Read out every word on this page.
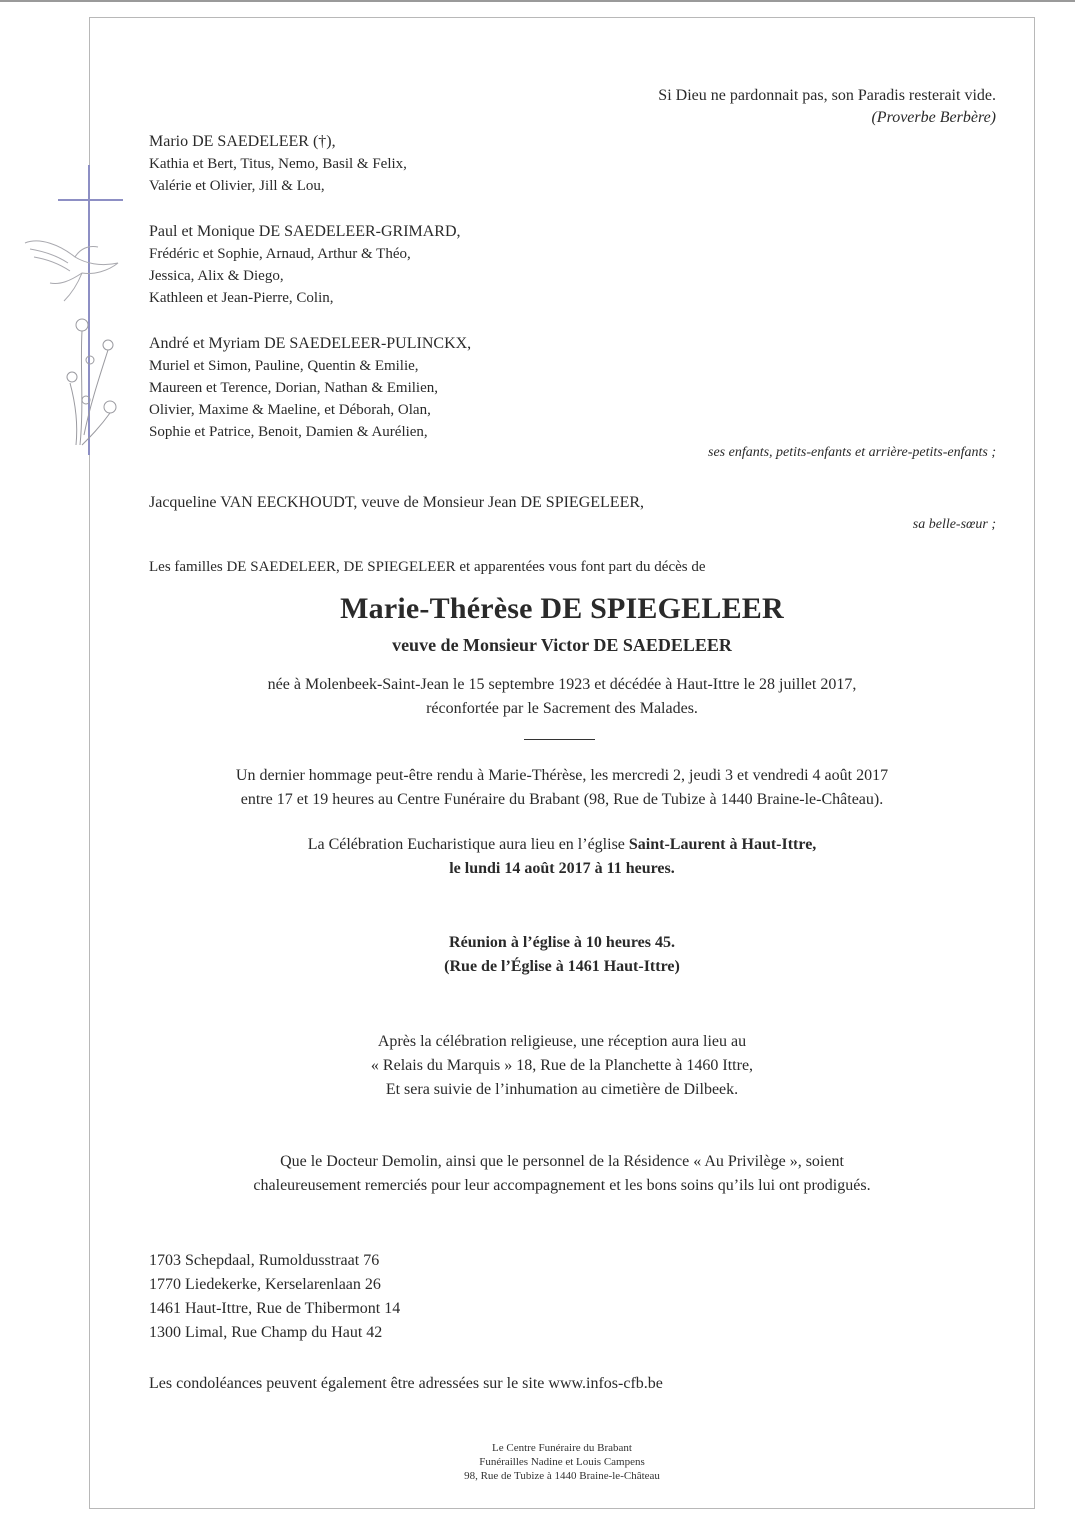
Si Dieu ne pardonnait pas, son Paradis resterait vide.
(Proverbe Berbère)
Mario DE SAEDELEER (†),
Kathia et Bert, Titus, Nemo, Basil & Felix,
Valérie et Olivier, Jill & Lou,
Paul et Monique DE SAEDELEER-GRIMARD,
Frédéric et Sophie, Arnaud, Arthur & Théo,
Jessica, Alix & Diego,
Kathleen et Jean-Pierre, Colin,
André et Myriam DE SAEDELEER-PULINCKX,
Muriel et Simon, Pauline, Quentin & Emilie,
Maureen et Terence, Dorian, Nathan & Emilien,
Olivier, Maxime & Maeline, et Déborah, Olan,
Sophie et Patrice, Benoit, Damien & Aurélien,
ses enfants, petits-enfants et arrière-petits-enfants ;
Jacqueline VAN EECKHOUDT, veuve de Monsieur Jean DE SPIEGELEER,
sa belle-sœur ;
Les familles DE SAEDELEER, DE SPIEGELEER et apparentées vous font part du décès de
Marie-Thérèse DE SPIEGELEER
veuve de Monsieur Victor DE SAEDELEER
née à Molenbeek-Saint-Jean le 15 septembre 1923 et décédée à Haut-Ittre le 28 juillet 2017,
réconfortée par le Sacrement des Malades.
Un dernier hommage peut-être rendu à Marie-Thérèse, les mercredi 2, jeudi 3 et vendredi 4 août 2017
entre 17 et 19 heures au Centre Funéraire du Brabant (98, Rue de Tubize à 1440 Braine-le-Château).
La Célébration Eucharistique aura lieu en l’église Saint-Laurent à Haut-Ittre,
le lundi 14 août 2017 à 11 heures.
Réunion à l’église à 10 heures 45.
(Rue de l’Église à 1461 Haut-Ittre)
Après la célébration religieuse, une réception aura lieu au
« Relais du Marquis » 18, Rue de la Planchette à 1460 Ittre,
Et sera suivie de l’inhumation au cimetière de Dilbeek.
Que le Docteur Demolin, ainsi que le personnel de la Résidence « Au Privilège », soient
chaleureusement remerciés pour leur accompagnement et les bons soins qu’ils lui ont prodigués.
1703 Schepdaal, Rumoldusstraat 76
1770 Liedekerke, Kerselarenlaan 26
1461 Haut-Ittre, Rue de Thibermont 14
1300 Limal, Rue Champ du Haut 42
Les condoléances peuvent également être adressées sur le site www.infos-cfb.be
Le Centre Funéraire du Brabant
Funérailles Nadine et Louis Campens
98, Rue de Tubize à 1440 Braine-le-Château
